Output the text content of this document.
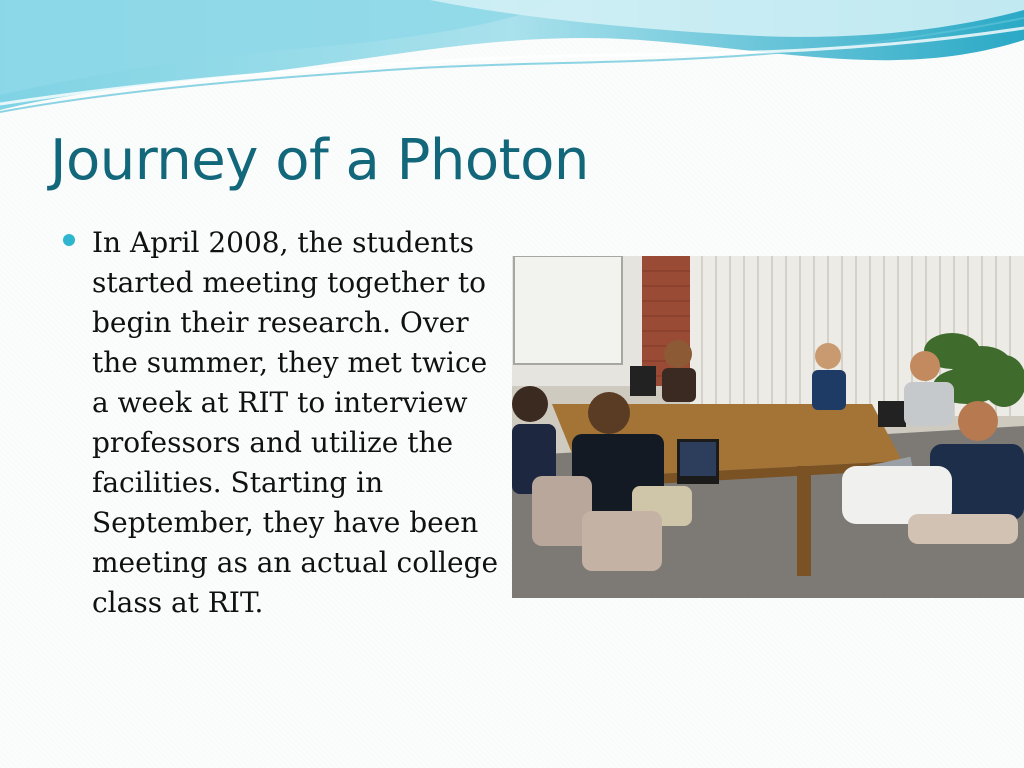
Journey of a Photon
In April 2008, the students started meeting together to begin their research. Over the summer, they met twice a week at RIT to interview professors and utilize the facilities. Starting in September, they have been meeting as an actual college class at RIT.
